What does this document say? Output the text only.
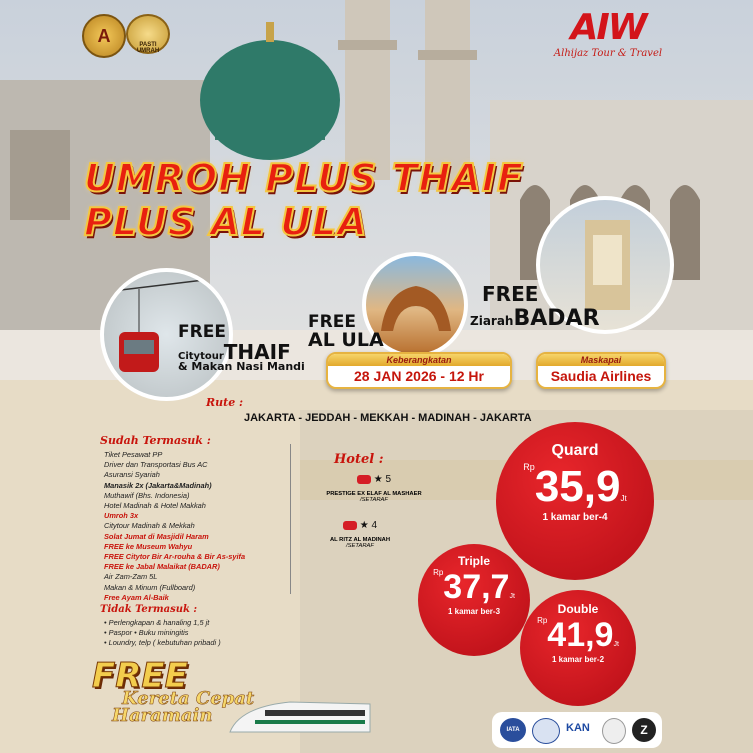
A	PASTI UMRAH
AIW
Alhijaz Tour & Travel
UMROH PLUS THAIF
PLUS AL ULA
FREE
CitytourTHAIF
& Makan Nasi Mandi
FREE
AL ULA
FREE
ZiarahBADAR
Keberangkatan
28 JAN 2026 - 12 Hr
Maskapai
Saudia Airlines
Rute :
JAKARTA - JEDDAH - MEKKAH - MADINAH - JAKARTA
Sudah Termasuk :
Tiket Pesawat PP
Driver dan Transportasi Bus AC
Asuransi Syariah
Manasik 2x (Jakarta&Madinah)
Muthawif (Bhs. Indonesia)
Hotel Madinah & Hotel Makkah
Umroh 3x
Citytour Madinah & Mekkah
Solat Jumat di Masjidil Haram
FREE ke Museum Wahyu
FREE Citytor Bir Ar-rouha & Bir As-syifa
FREE ke Jabal Malaikat (BADAR)
Air Zam-Zam 5L
Makan & Minum (Fullboard)
Free Ayam Al-Baik
Tidak Termasuk :
• Perlengkapan & hanaling 1,5 jt
• Paspor • Buku miningitis
• Loundry, telp ( kebutuhan pribadi )
Hotel :
★ 5
PRESTIGE EX ELAF AL MASHAER
/SETARAF
★ 4
AL RITZ AL MADINAH
/SETARAF
Quard
$^{Rp}$35,9Jt
1 kamar ber-4
Triple
$^{Rp}$37,7Jt
1 kamar ber-3	Double
$^{Rp}$41,9Jt
1 kamar ber-2
FREE
Kereta Cepat
Haramain
IATA	KAN	Z
